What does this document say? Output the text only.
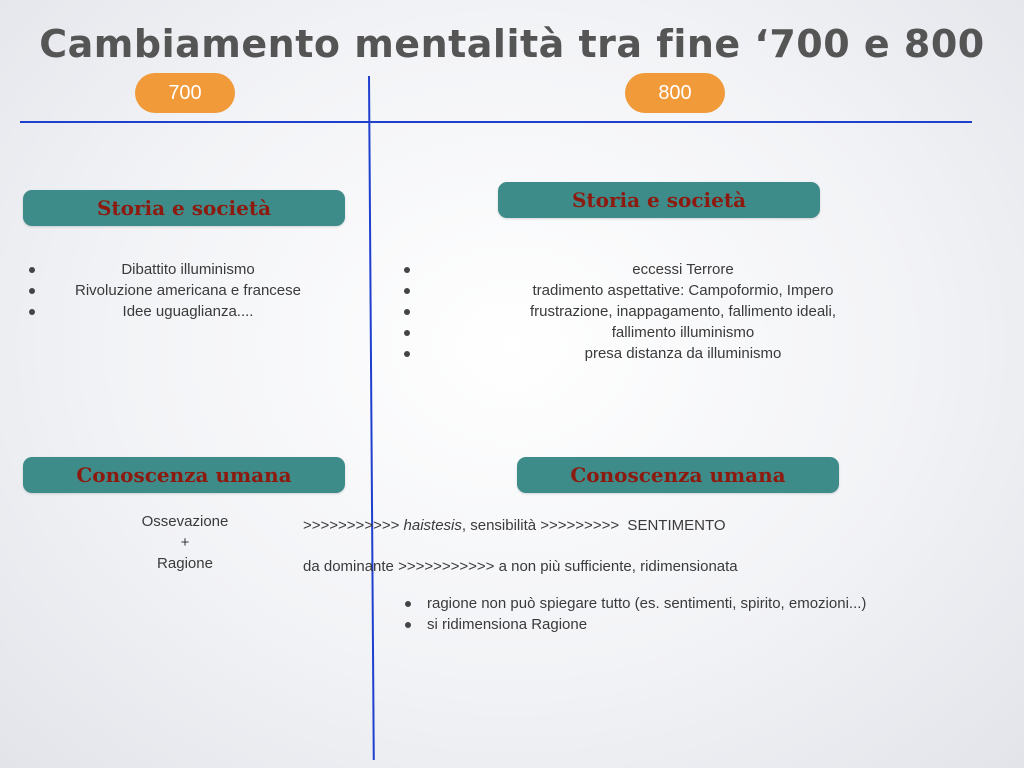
Cambiamento mentalità tra fine ‘700 e 800
700	800
Storia e società
Dibattito illuminismo
Rivoluzione americana e francese
Idee uguaglianza....
Storia e società
eccessi Terrore
tradimento aspettative: Campoformio, Impero
frustrazione, inappagamento, fallimento ideali,
fallimento illuminismo
presa distanza da illuminismo
Conoscenza umana
Ossevazione
+
Ragione
Conoscenza umana
>>>>>>>>>>> haistesis, sensibilità >>>>>>>>>  SENTIMENTO
da dominante >>>>>>>>>>> a non più sufficiente, ridimensionata
ragione non può spiegare tutto (es. sentimenti, spirito, emozioni...)
si ridimensiona Ragione
